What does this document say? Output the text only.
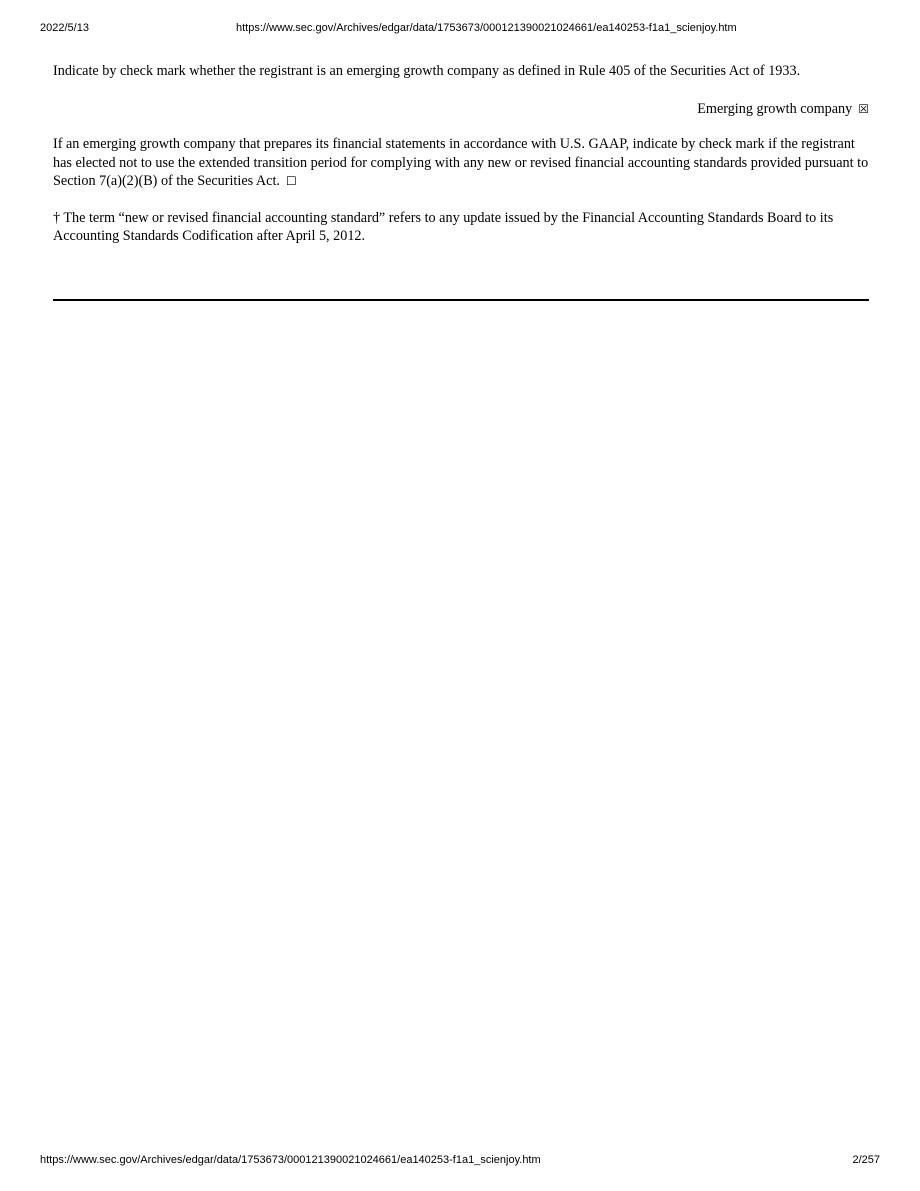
2022/5/13	https://www.sec.gov/Archives/edgar/data/1753673/000121390021024661/ea140253-f1a1_scienjoy.htm

Indicate by check mark whether the registrant is an emerging growth company as defined in Rule 405 of the Securities Act of 1933.

Emerging growth company ☒

If an emerging growth company that prepares its financial statements in accordance with U.S. GAAP, indicate by check mark if the registrant has elected not to use the extended transition period for complying with any new or revised financial accounting standards provided pursuant to Section 7(a)(2)(B) of the Securities Act. ☐

† The term “new or revised financial accounting standard” refers to any update issued by the Financial Accounting Standards Board to its Accounting Standards Codification after April 5, 2012.

https://www.sec.gov/Archives/edgar/data/1753673/000121390021024661/ea140253-f1a1_scienjoy.htm	2/257
